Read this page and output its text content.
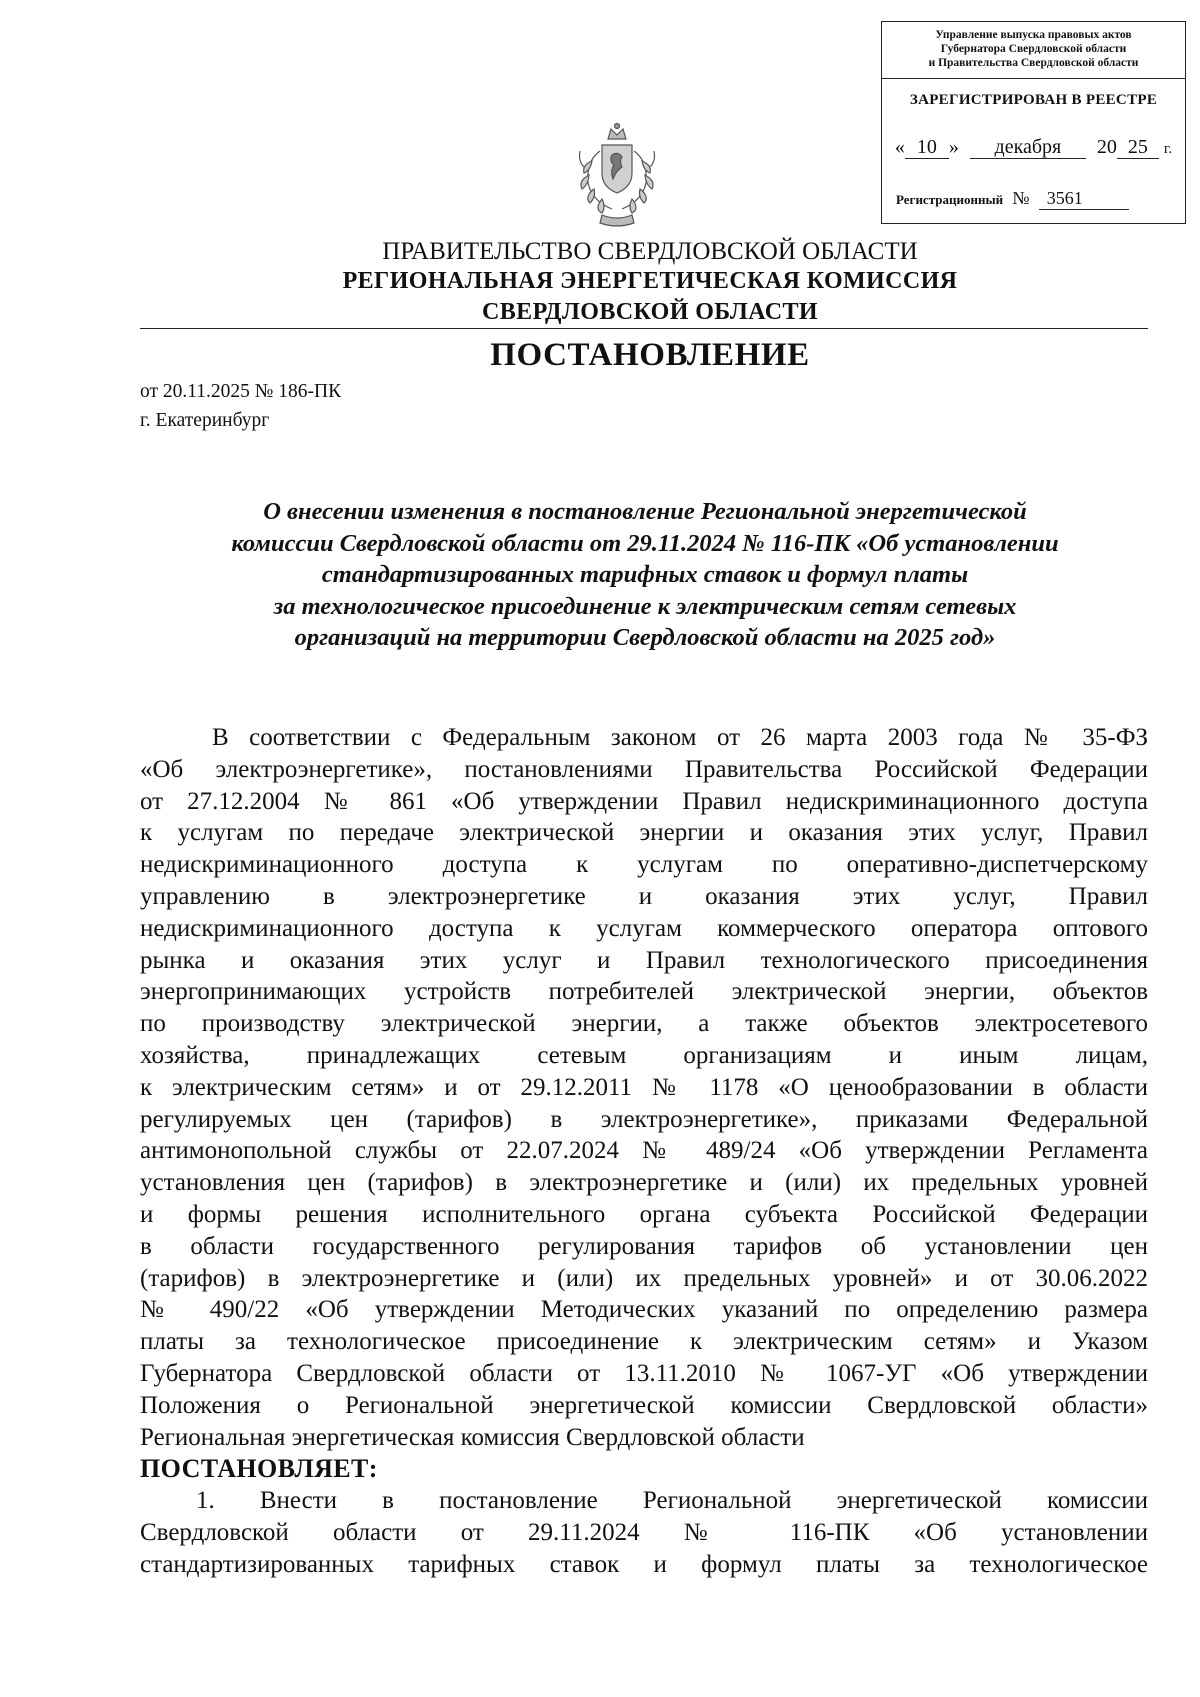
Управление выпуска правовых актов
Губернатора Свердловской области
и Правительства Свердловской области
ЗАРЕГИСТРИРОВАН В РЕЕСТРЕ
« 10 » декабря 20 25 г.
Регистрационный № 3561
ПРАВИТЕЛЬСТВО СВЕРДЛОВСКОЙ ОБЛАСТИ
РЕГИОНАЛЬНАЯ ЭНЕРГЕТИЧЕСКАЯ КОМИССИЯ
СВЕРДЛОВСКОЙ ОБЛАСТИ
ПОСТАНОВЛЕНИЕ
от 20.11.2025 № 186-ПК
г. Екатеринбург
О внесении изменения в постановление Региональной энергетической
комиссии Свердловской области от 29.11.2024 № 116-ПК «Об установлении
стандартизированных тарифных ставок и формул платы
за технологическое присоединение к электрическим сетям сетевых
организаций на территории Свердловской области на 2025 год»
В соответствии с Федеральным законом от 26 марта 2003 года № 35-ФЗ
«Об электроэнергетике», постановлениями Правительства Российской Федерации
от 27.12.2004 № 861 «Об утверждении Правил недискриминационного доступа
к услугам по передаче электрической энергии и оказания этих услуг, Правил
недискриминационного доступа к услугам по оперативно-диспетчерскому
управлению в электроэнергетике и оказания этих услуг, Правил
недискриминационного доступа к услугам коммерческого оператора оптового
рынка и оказания этих услуг и Правил технологического присоединения
энергопринимающих устройств потребителей электрической энергии, объектов
по производству электрической энергии, а также объектов электросетевого
хозяйства, принадлежащих сетевым организациям и иным лицам,
к электрическим сетям» и от 29.12.2011 № 1178 «О ценообразовании в области
регулируемых цен (тарифов) в электроэнергетике», приказами Федеральной
антимонопольной службы от 22.07.2024 № 489/24 «Об утверждении Регламента
установления цен (тарифов) в электроэнергетике и (или) их предельных уровней
и формы решения исполнительного органа субъекта Российской Федерации
в области государственного регулирования тарифов об установлении цен
(тарифов) в электроэнергетике и (или) их предельных уровней» и от 30.06.2022
№ 490/22 «Об утверждении Методических указаний по определению размера
платы за технологическое присоединение к электрическим сетям» и Указом
Губернатора Свердловской области от 13.11.2010 № 1067-УГ «Об утверждении
Положения о Региональной энергетической комиссии Свердловской области»
Региональная энергетическая комиссия Свердловской области
ПОСТАНОВЛЯЕТ:
1. Внести в постановление Региональной энергетической комиссии
Свердловской области от 29.11.2024 № 116-ПК «Об установлении
стандартизированных тарифных ставок и формул платы за технологическое
